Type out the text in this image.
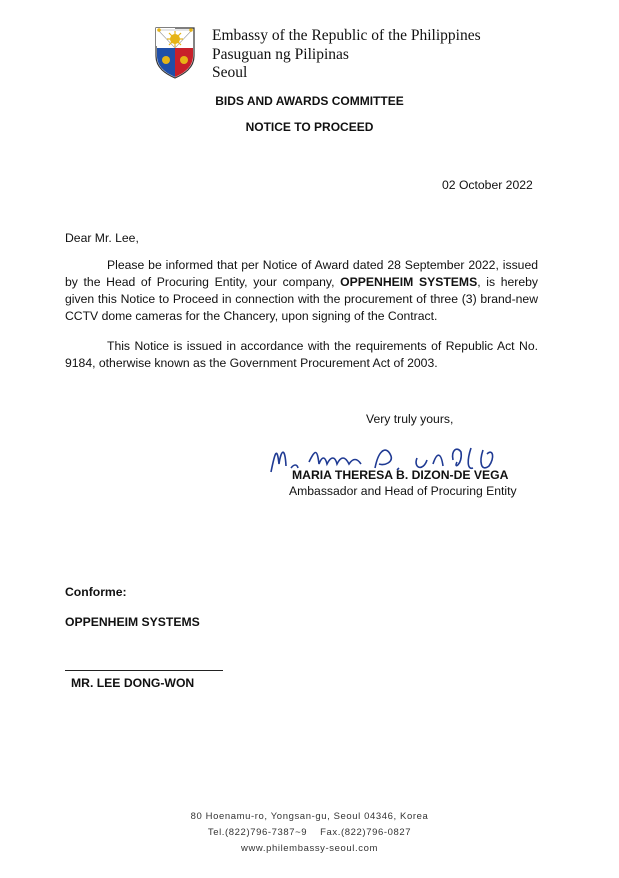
Embassy of the Republic of the Philippines
Pasuguan ng Pilipinas
Seoul
BIDS AND AWARDS COMMITTEE
NOTICE TO PROCEED
02 October 2022
Dear Mr. Lee,
Please be informed that per Notice of Award dated 28 September 2022, issued by the Head of Procuring Entity, your company, OPPENHEIM SYSTEMS, is hereby given this Notice to Proceed in connection with the procurement of three (3) brand-new CCTV dome cameras for the Chancery, upon signing of the Contract.
This Notice is issued in accordance with the requirements of Republic Act No. 9184, otherwise known as the Government Procurement Act of 2003.
Very truly yours,
MARIA THERESA B. DIZON-DE VEGA
Ambassador and Head of Procuring Entity
Conforme:
OPPENHEIM SYSTEMS
MR. LEE DONG-WON
80 Hoenamu-ro, Yongsan-gu, Seoul 04346, Korea
Tel.(822)796-7387~9    Fax.(822)796-0827
www.philembassy-seoul.com
